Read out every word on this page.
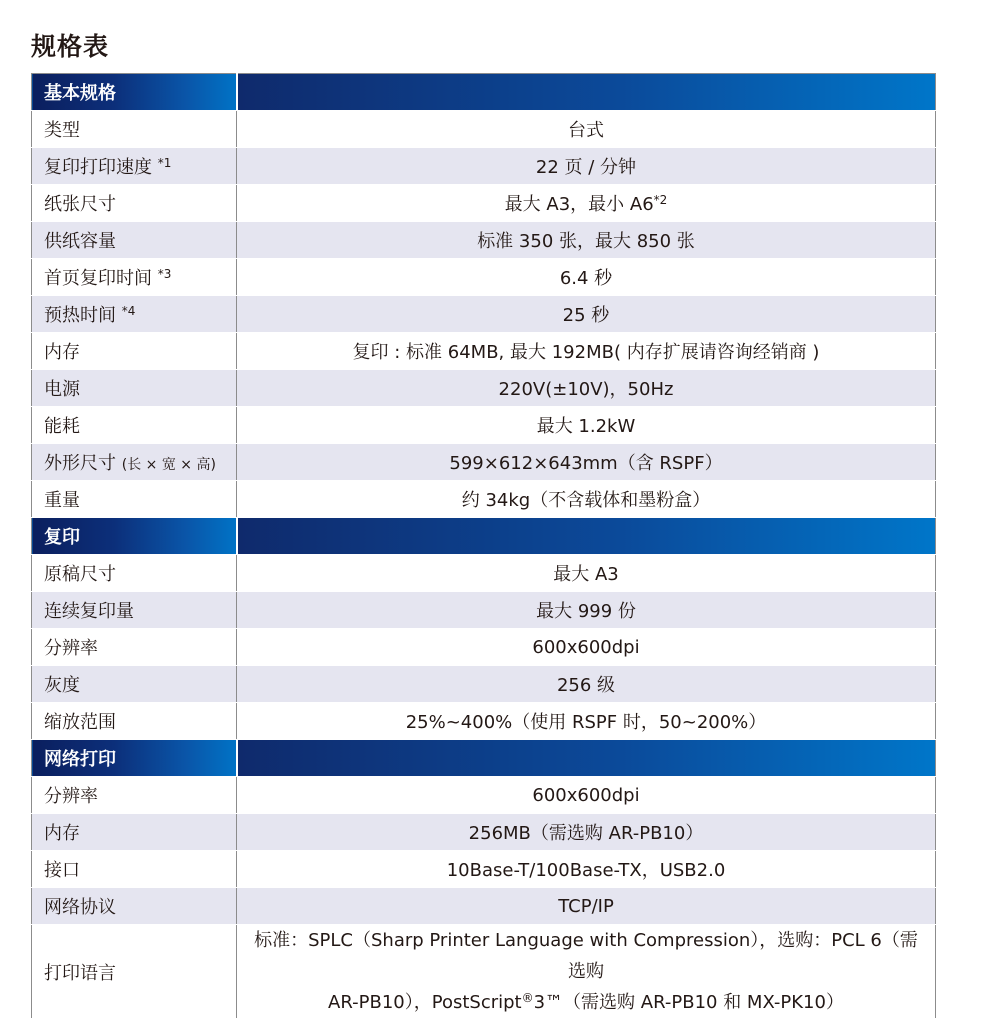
规格表
基本规格	
类型	台式
复印打印速度 $^{*1}$	22 页 / 分钟
纸张尺寸	最大 A3，最小 A6$^{*2}$
供纸容量	标准 350 张，最大 850 张
首页复印时间 $^{*3}$	6.4 秒
预热时间 $^{*4}$	25 秒
内存	复印 : 标准 64MB, 最大 192MB( 内存扩展请咨询经销商 )
电源	220V(±10V)，50Hz
能耗	最大 1.2kW
外形尺寸 (长 × 宽 × 高)	599×612×643mm（含 RSPF）
重量	约 34kg（不含载体和墨粉盒）
复印	
原稿尺寸	最大 A3
连续复印量	最大 999 份
分辨率	600x600dpi
灰度	256 级
缩放范围	25%~400%（使用 RSPF 时，50~200%）
网络打印	
分辨率	600x600dpi
内存	256MB（需选购 AR-PB10）
接口	10Base-T/100Base-TX，USB2.0
网络协议	TCP/IP
打印语言	标准：SPLC（Sharp Printer Language with Compression），选购：PCL 6（需选购
AR-PB10），PostScript®3™（需选购 AR-PB10 和 MX-PK10）
